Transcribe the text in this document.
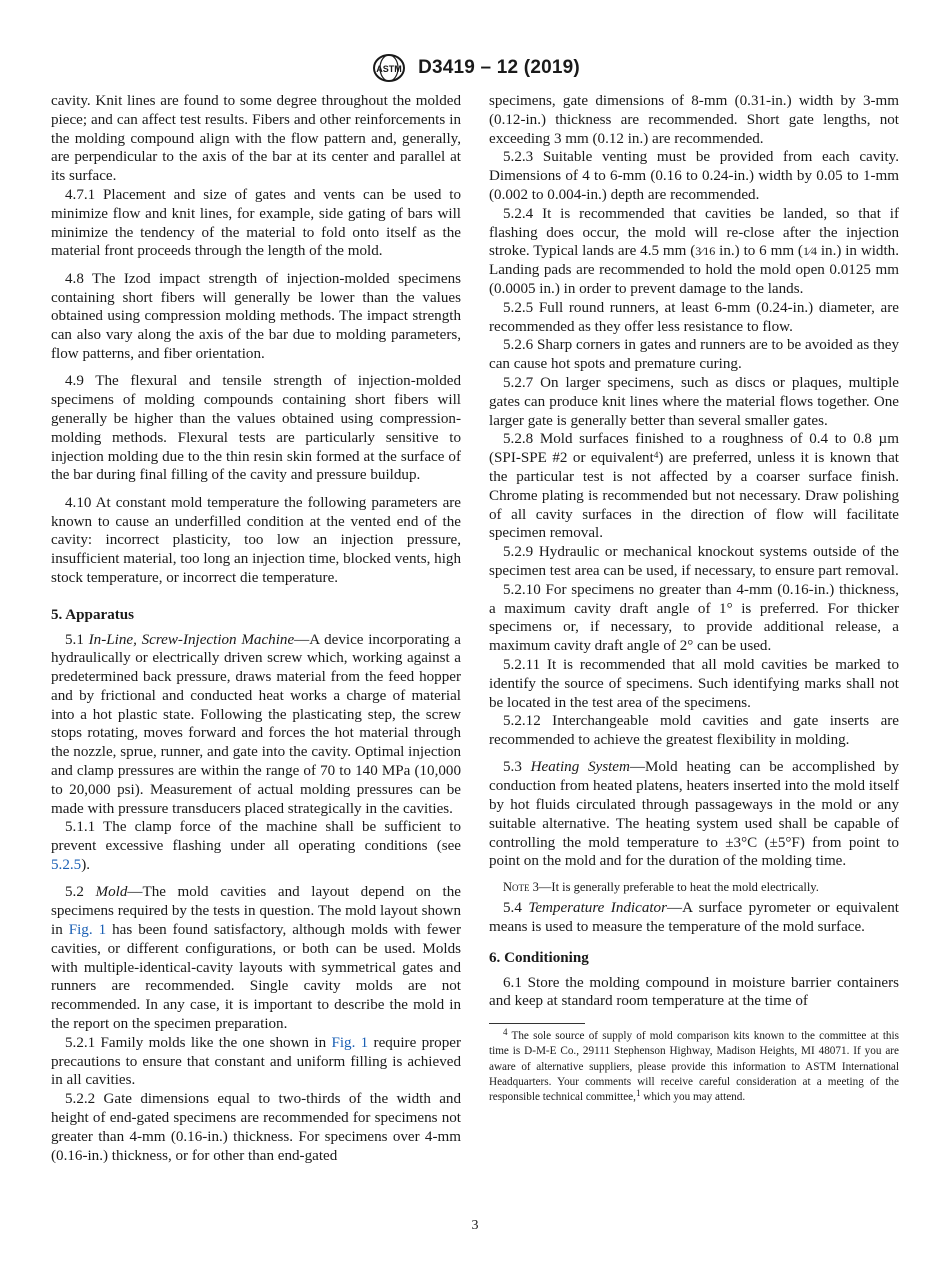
ASTM D3419 – 12 (2019)

cavity. Knit lines are found to some degree throughout the molded piece; and can affect test results. Fibers and other reinforcements in the molding compound align with the flow pattern and, generally, are perpendicular to the axis of the bar at its center and parallel at its surface.

4.7.1 Placement and size of gates and vents can be used to minimize flow and knit lines, for example, side gating of bars will minimize the tendency of the material to fold onto itself as the material front proceeds through the length of the mold.

4.8 The Izod impact strength of injection-molded specimens containing short fibers will generally be lower than the values obtained using compression molding methods. The impact strength can also vary along the axis of the bar due to molding parameters, flow patterns, and fiber orientation.

4.9 The flexural and tensile strength of injection-molded specimens of molding compounds containing short fibers will generally be higher than the values obtained using compression-molding methods. Flexural tests are particularly sensitive to injection molding due to the thin resin skin formed at the surface of the bar during final filling of the cavity and pressure buildup.

4.10 At constant mold temperature the following parameters are known to cause an underfilled condition at the vented end of the cavity: incorrect plasticity, too low an injection pressure, insufficient material, too long an injection time, blocked vents, high stock temperature, or incorrect die temperature.

5. Apparatus

5.1 In-Line, Screw-Injection Machine—A device incorporating a hydraulically or electrically driven screw which, working against a predetermined back pressure, draws material from the feed hopper and by frictional and conducted heat works a charge of material into a hot plastic state. Following the plasticating step, the screw stops rotating, moves forward and forces the hot material through the nozzle, sprue, runner, and gate into the cavity. Optimal injection and clamp pressures are within the range of 70 to 140 MPa (10,000 to 20,000 psi). Measurement of actual molding pressures can be made with pressure transducers placed strategically in the cavities.

5.1.1 The clamp force of the machine shall be sufficient to prevent excessive flashing under all operating conditions (see 5.2.5).

5.2 Mold—The mold cavities and layout depend on the specimens required by the tests in question. The mold layout shown in Fig. 1 has been found satisfactory, although molds with fewer cavities, or different configurations, or both can be used. Molds with multiple-identical-cavity layouts with symmetrical gates and runners are recommended. Single cavity molds are not recommended. In any case, it is important to describe the mold in the report on the specimen preparation.

5.2.1 Family molds like the one shown in Fig. 1 require proper precautions to ensure that constant and uniform filling is achieved in all cavities.

5.2.2 Gate dimensions equal to two-thirds of the width and height of end-gated specimens are recommended for specimens not greater than 4-mm (0.16-in.) thickness. For specimens over 4-mm (0.16-in.) thickness, or for other than end-gated

specimens, gate dimensions of 8-mm (0.31-in.) width by 3-mm (0.12-in.) thickness are recommended. Short gate lengths, not exceeding 3 mm (0.12 in.) are recommended.

5.2.3 Suitable venting must be provided from each cavity. Dimensions of 4 to 6-mm (0.16 to 0.24-in.) width by 0.05 to 1-mm (0.002 to 0.004-in.) depth are recommended.

5.2.4 It is recommended that cavities be landed, so that if flashing does occur, the mold will re-close after the injection stroke. Typical lands are 4.5 mm (3⁄16 in.) to 6 mm (1⁄4 in.) in width. Landing pads are recommended to hold the mold open 0.0125 mm (0.0005 in.) in order to prevent damage to the lands.

5.2.5 Full round runners, at least 6-mm (0.24-in.) diameter, are recommended as they offer less resistance to flow.

5.2.6 Sharp corners in gates and runners are to be avoided as they can cause hot spots and premature curing.

5.2.7 On larger specimens, such as discs or plaques, multiple gates can produce knit lines where the material flows together. One larger gate is generally better than several smaller gates.

5.2.8 Mold surfaces finished to a roughness of 0.4 to 0.8 µm (SPI-SPE #2 or equivalent$^4$) are preferred, unless it is known that the particular test is not affected by a coarser surface finish. Chrome plating is recommended but not necessary. Draw polishing of all cavity surfaces in the direction of flow will facilitate specimen removal.

5.2.9 Hydraulic or mechanical knockout systems outside of the specimen test area can be used, if necessary, to ensure part removal.

5.2.10 For specimens no greater than 4-mm (0.16-in.) thickness, a maximum cavity draft angle of 1° is preferred. For thicker specimens or, if necessary, to provide additional release, a maximum cavity draft angle of 2° can be used.

5.2.11 It is recommended that all mold cavities be marked to identify the source of specimens. Such identifying marks shall not be located in the test area of the specimens.

5.2.12 Interchangeable mold cavities and gate inserts are recommended to achieve the greatest flexibility in molding.

5.3 Heating System—Mold heating can be accomplished by conduction from heated platens, heaters inserted into the mold itself by hot fluids circulated through passageways in the mold or any suitable alternative. The heating system used shall be capable of controlling the mold temperature to ±3°C (±5°F) from point to point on the mold and for the duration of the molding time.

Note 3—It is generally preferable to heat the mold electrically.

5.4 Temperature Indicator—A surface pyrometer or equivalent means is used to measure the temperature of the mold surface.

6. Conditioning

6.1 Store the molding compound in moisture barrier containers and keep at standard room temperature at the time of

$^4$ The sole source of supply of mold comparison kits known to the committee at this time is D-M-E Co., 29111 Stephenson Highway, Madison Heights, MI 48071. If you are aware of alternative suppliers, please provide this information to ASTM International Headquarters. Your comments will receive careful consideration at a meeting of the responsible technical committee,$^1$ which you may attend.

3
